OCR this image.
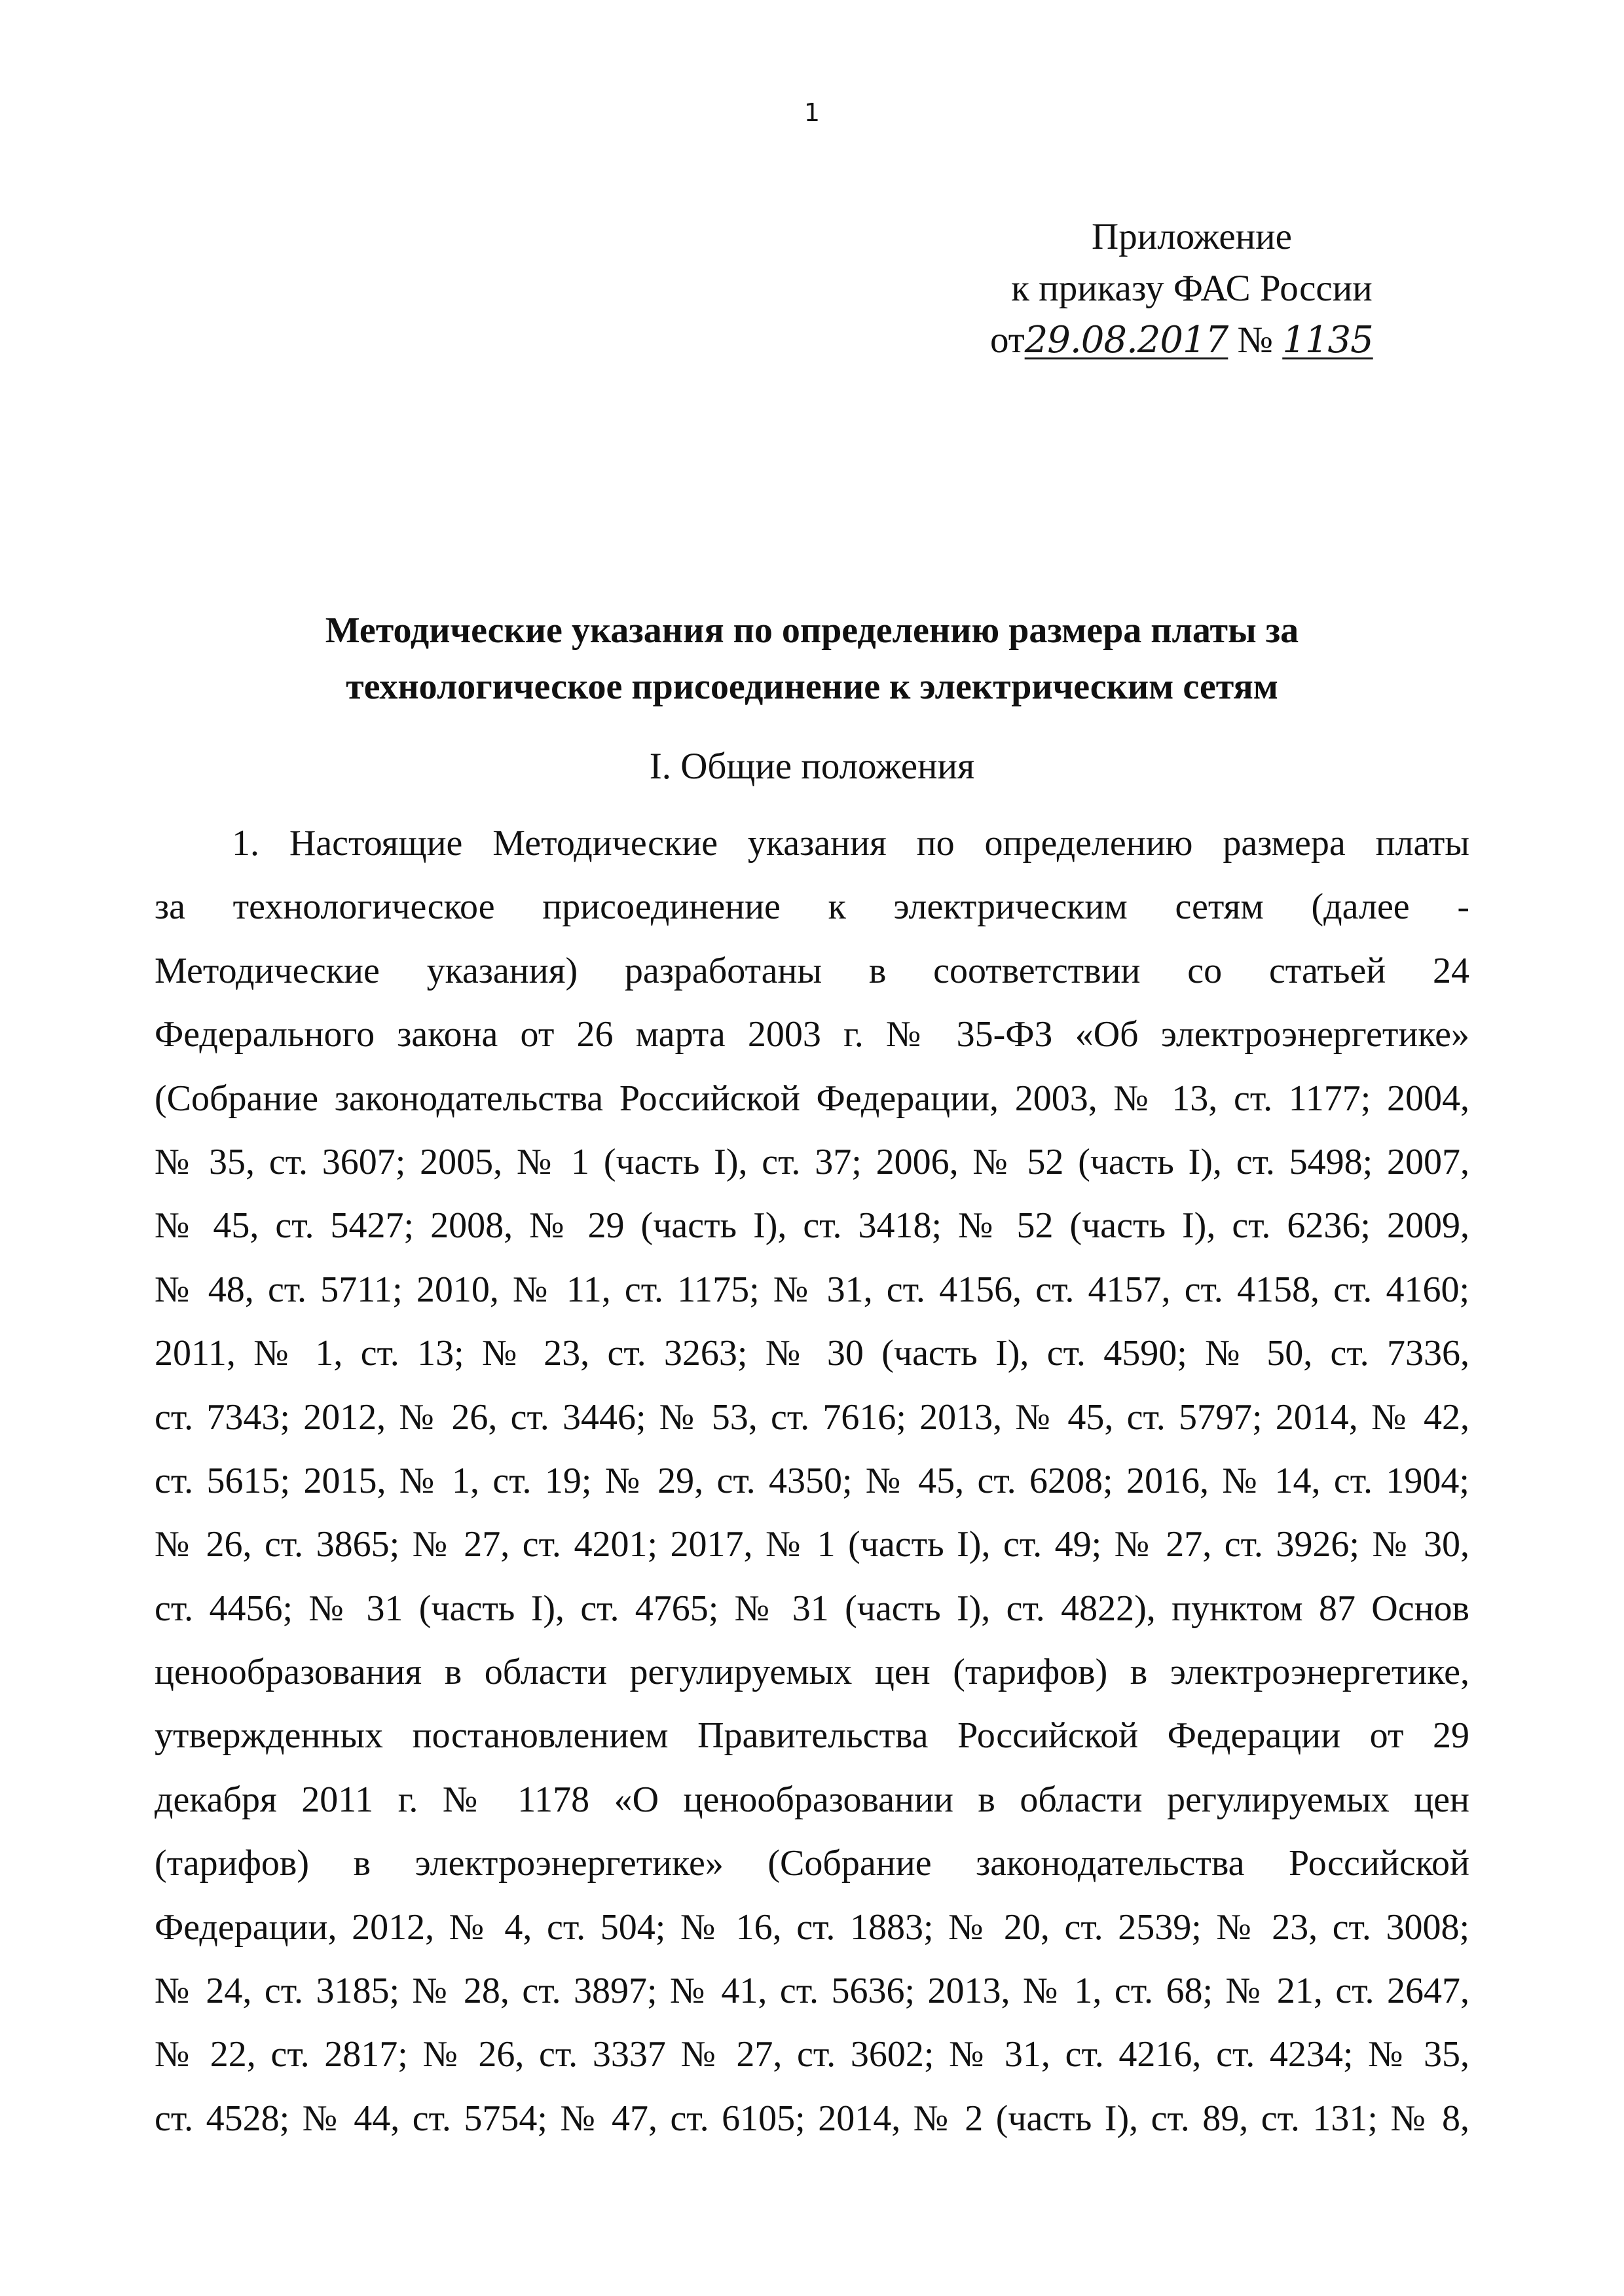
1
Приложение
к приказу ФАС России
от29.08.2017 № 1135
Методические указания по определению размера платы за
технологическое присоединение к электрическим сетям
I. Общие положения
1. Настоящие Методические указания по определению размера платы
за технологическое присоединение к электрическим сетям (далее -
Методические указания) разработаны в соответствии со статьей 24
Федерального закона от 26 марта 2003 г. № 35-ФЗ «Об электроэнергетике»
(Собрание законодательства Российской Федерации, 2003, № 13, ст. 1177; 2004,
№ 35, ст. 3607; 2005, № 1 (часть I), ст. 37; 2006, № 52 (часть I), ст. 5498; 2007,
№ 45, ст. 5427; 2008, № 29 (часть I), ст. 3418; № 52 (часть I), ст. 6236; 2009,
№ 48, ст. 5711; 2010, № 11, ст. 1175; № 31, ст. 4156, ст. 4157, ст. 4158, ст. 4160;
2011, № 1, ст. 13; № 23, ст. 3263; № 30 (часть I), ст. 4590; № 50, ст. 7336,
ст. 7343; 2012, № 26, ст. 3446; № 53, ст. 7616; 2013, № 45, ст. 5797; 2014, № 42,
ст. 5615; 2015, № 1, ст. 19; № 29, ст. 4350; № 45, ст. 6208; 2016, № 14, ст. 1904;
№ 26, ст. 3865; № 27, ст. 4201; 2017, № 1 (часть I), ст. 49; № 27, ст. 3926; № 30,
ст. 4456; № 31 (часть I), ст. 4765; № 31 (часть I), ст. 4822), пунктом 87 Основ
ценообразования в области регулируемых цен (тарифов) в электроэнергетике,
утвержденных постановлением Правительства Российской Федерации от 29
декабря 2011 г. № 1178 «О ценообразовании в области регулируемых цен
(тарифов) в электроэнергетике» (Собрание законодательства Российской
Федерации, 2012, № 4, ст. 504; № 16, ст. 1883; № 20, ст. 2539; № 23, ст. 3008;
№ 24, ст. 3185; № 28, ст. 3897; № 41, ст. 5636; 2013, № 1, ст. 68; № 21, ст. 2647,
№ 22, ст. 2817; № 26, ст. 3337 № 27, ст. 3602; № 31, ст. 4216, ст. 4234; № 35,
ст. 4528; № 44, ст. 5754; № 47, ст. 6105; 2014, № 2 (часть I), ст. 89, ст. 131; № 8,
